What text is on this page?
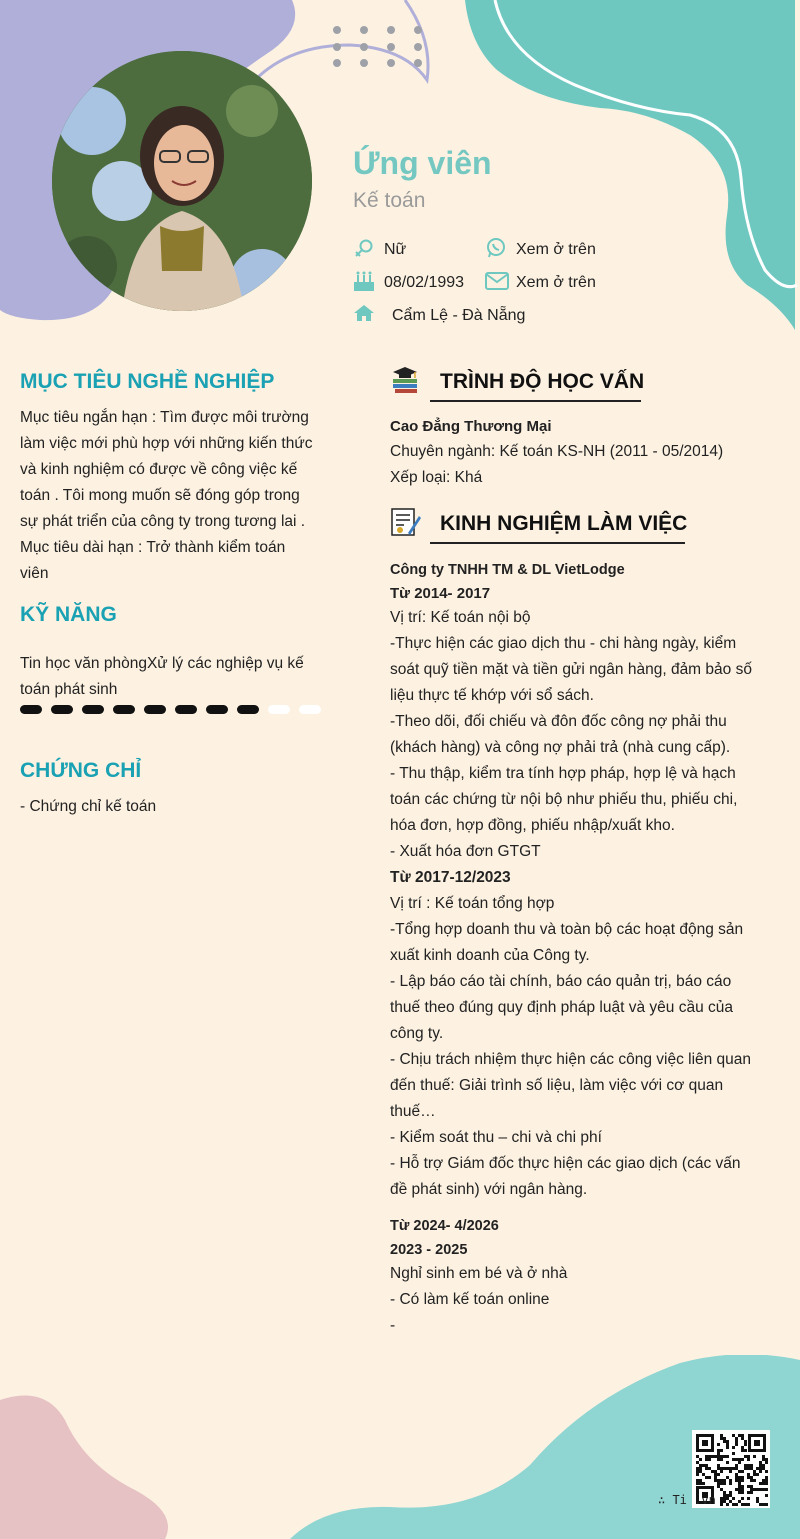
Ứng viên
Kế toán
Nữ	Xem ở trên
08/02/1993	Xem ở trên
Cẩm Lệ - Đà Nẵng
MỤC TIÊU NGHỀ NGHIỆP
Mục tiêu ngắn hạn : Tìm được môi trường
làm việc mới phù hợp với những kiến thức
và kinh nghiệm có được về công việc kế
toán . Tôi mong muốn sẽ đóng góp trong
sự phát triển của công ty trong tương lai .
Mục tiêu dài hạn : Trở thành kiểm toán
viên
KỸ NĂNG
Tin học văn phòngXử lý các nghiệp vụ kế
toán phát sinh
CHỨNG CHỈ
- Chứng chỉ kế toán
TRÌNH ĐỘ HỌC VẤN
Cao Đẳng Thương Mại
Chuyên ngành: Kế toán KS-NH (2011 - 05/2014)
Xếp loại: Khá
KINH NGHIỆM LÀM VIỆC
Công ty TNHH TM & DL VietLodge
Từ 2014- 2017
Vị trí: Kế toán nội bộ
-Thực hiện các giao dịch thu - chi hàng ngày, kiểm
soát quỹ tiền mặt và tiền gửi ngân hàng, đảm bảo số
liệu thực tế khớp với sổ sách.
-Theo dõi, đối chiếu và đôn đốc công nợ phải thu
(khách hàng) và công nợ phải trả (nhà cung cấp).
- Thu thập, kiểm tra tính hợp pháp, hợp lệ và hạch
toán các chứng từ nội bộ như phiếu thu, phiếu chi,
hóa đơn, hợp đồng, phiếu nhập/xuất kho.
- Xuất hóa đơn GTGT
Từ 2017-12/2023
Vị trí : Kế toán tổng hợp
-Tổng hợp doanh thu và toàn bộ các hoạt động sản
xuất kinh doanh của Công ty.
- Lập báo cáo tài chính, báo cáo quản trị, báo cáo
thuế theo đúng quy định pháp luật và yêu cầu của
công ty.
- Chịu trách nhiệm thực hiện các công việc liên quan
đến thuế: Giải trình số liệu, làm việc với cơ quan
thuế…
- Kiểm soát thu – chi và chi phí
- Hỗ trợ Giám đốc thực hiện các giao dịch (các vấn
đề phát sinh) với ngân hàng.
Từ 2024- 4/2026
2023 - 2025
Nghỉ sinh em bé và ở nhà
- Có làm kế toán online
-
∴ Ti .vn
